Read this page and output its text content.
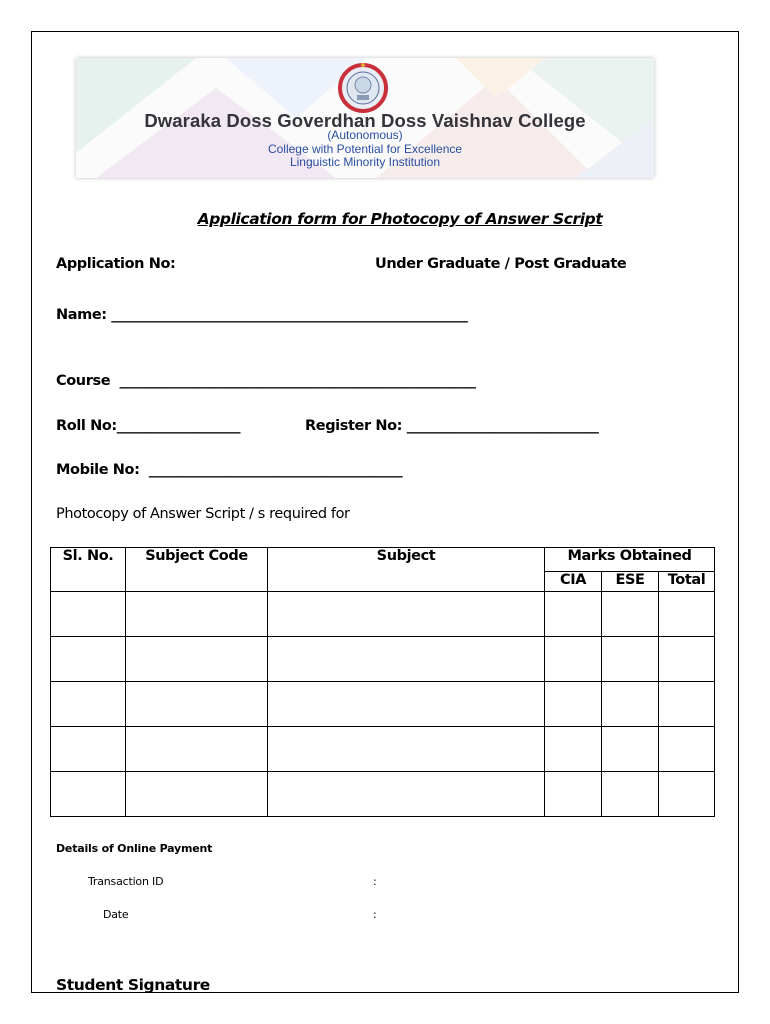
Dwaraka Doss Goverdhan Doss Vaishnav College
(Autonomous)
College with Potential for Excellence
Linguistic Minority Institution
Application form for Photocopy of Answer Script
Application No:	Under Graduate / Post Graduate
Name: ____________________________________________________
Course  ____________________________________________________
Roll No:__________________	Register No: ____________________________
Mobile No:  _____________________________________
Photocopy of Answer Script / s required for
Sl. No.	Subject Code	Subject	Marks Obtained		
			CIA	ESE	Total

Details of Online Payment
Transaction ID	:
Date	:
Student Signature
